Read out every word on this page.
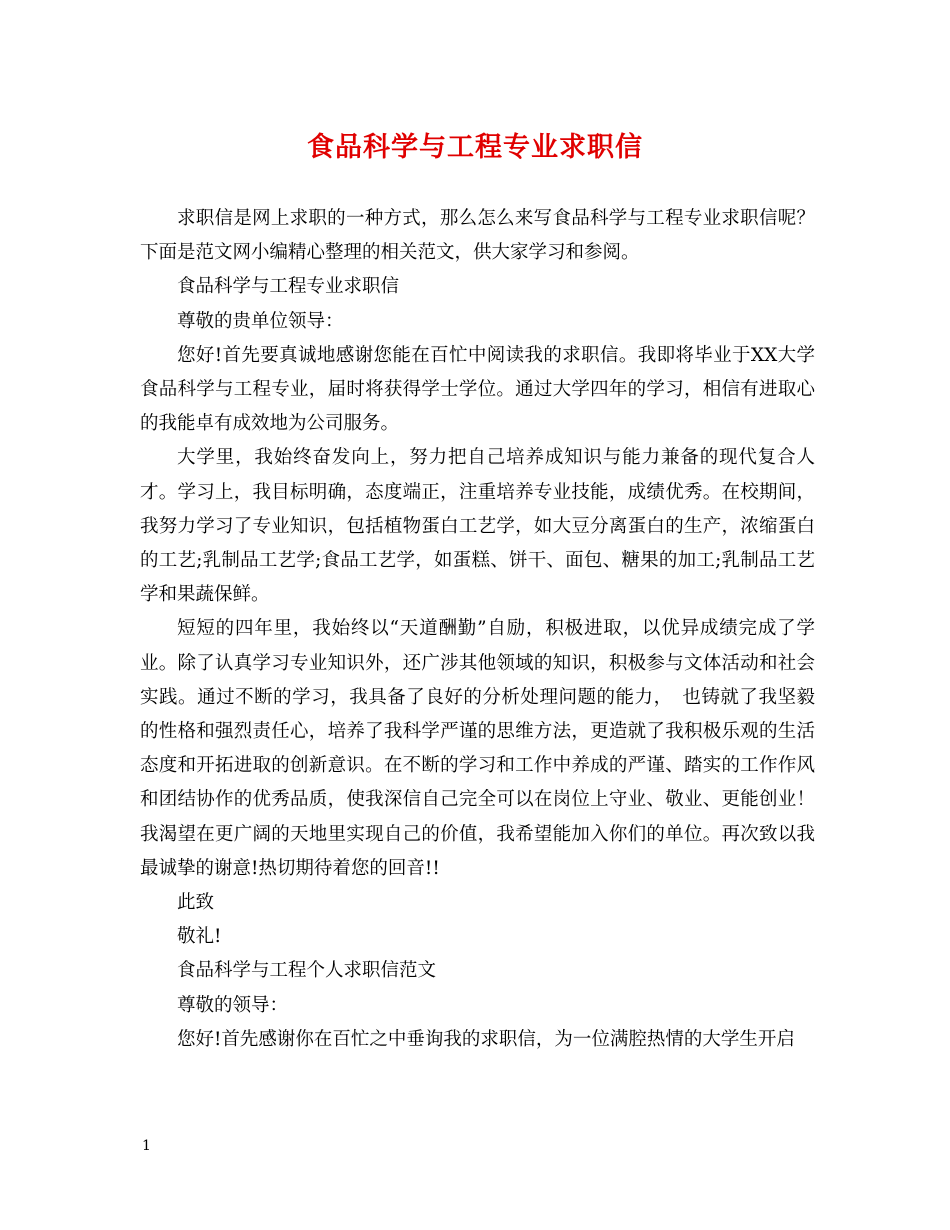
食品科学与工程专业求职信

求职信是网上求职的一种方式，那么怎么来写食品科学与工程专业求职信呢？下面是范文网小编精心整理的相关范文，供大家学习和参阅。

食品科学与工程专业求职信

尊敬的贵单位领导：

您好!首先要真诚地感谢您能在百忙中阅读我的求职信。我即将毕业于XX大学食品科学与工程专业，届时将获得学士学位。通过大学四年的学习，相信有进取心的我能卓有成效地为公司服务。

大学里，我始终奋发向上，努力把自己培养成知识与能力兼备的现代复合人才。学习上，我目标明确，态度端正，注重培养专业技能，成绩优秀。在校期间，我努力学习了专业知识，包括植物蛋白工艺学，如大豆分离蛋白的生产，浓缩蛋白的工艺;乳制品工艺学;食品工艺学，如蛋糕、饼干、面包、糖果的加工;乳制品工艺学和果蔬保鲜。

短短的四年里，我始终以“天道酬勤”自励，积极进取，以优异成绩完成了学业。除了认真学习专业知识外，还广涉其他领域的知识，积极参与文体活动和社会实践。通过不断的学习，我具备了良好的分析处理问题的能力，　也铸就了我坚毅的性格和强烈责任心，培养了我科学严谨的思维方法，更造就了我积极乐观的生活态度和开拓进取的创新意识。在不断的学习和工作中养成的严谨、踏实的工作作风和团结协作的优秀品质，使我深信自己完全可以在岗位上守业、敬业、更能创业！我渴望在更广阔的天地里实现自己的价值，我希望能加入你们的单位。再次致以我最诚挚的谢意!热切期待着您的回音!!

此致

敬礼!

食品科学与工程个人求职信范文

尊敬的领导：

您好!首先感谢你在百忙之中垂询我的求职信，为一位满腔热情的大学生开启

1
